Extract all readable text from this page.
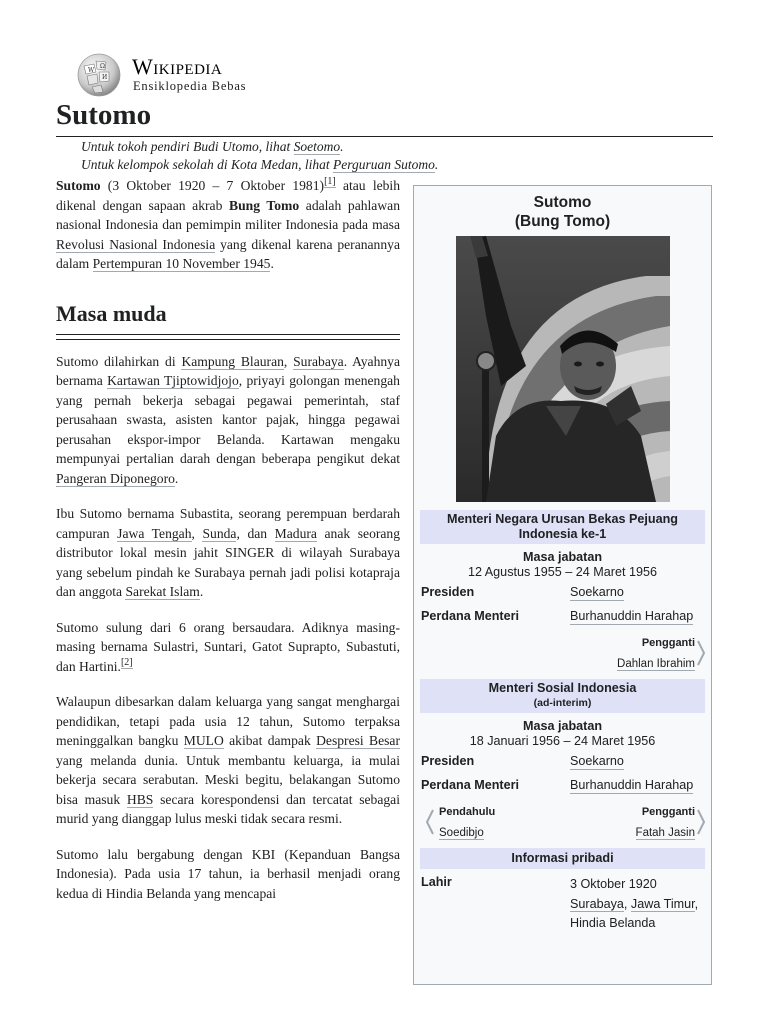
W
Ω
И Wikipedia
Ensiklopedia Bebas
Sutomo
Untuk tokoh pendiri Budi Utomo, lihat Soetomo.
Untuk kelompok sekolah di Kota Medan, lihat Perguruan Sutomo.

Sutomo (3 Oktober 1920 – 7 Oktober 1981)[1] atau lebih dikenal dengan sapaan akrab Bung Tomo adalah pahlawan nasional Indonesia dan pemimpin militer Indonesia pada masa Revolusi Nasional Indonesia yang dikenal karena peranannya dalam Pertempuran 10 November 1945.

Masa muda

Sutomo dilahirkan di Kampung Blauran, Surabaya. Ayahnya bernama Kartawan Tjiptowidjojo, priyayi golongan menengah yang pernah bekerja sebagai pegawai pemerintah, staf perusahaan swasta, asisten kantor pajak, hingga pegawai perusahan ekspor-impor Belanda. Kartawan mengaku mempunyai pertalian darah dengan beberapa pengikut dekat Pangeran Diponegoro.

Ibu Sutomo bernama Subastita, seorang perempuan berdarah campuran Jawa Tengah, Sunda, dan Madura anak seorang distributor lokal mesin jahit SINGER di wilayah Surabaya yang sebelum pindah ke Surabaya pernah jadi polisi kotapraja dan anggota Sarekat Islam.

Sutomo sulung dari 6 orang bersaudara. Adiknya masing-masing bernama Sulastri, Suntari, Gatot Suprapto, Subastuti, dan Hartini.[2]

Walaupun dibesarkan dalam keluarga yang sangat menghargai pendidikan, tetapi pada usia 12 tahun, Sutomo terpaksa meninggalkan bangku MULO akibat dampak Despresi Besar yang melanda dunia. Untuk membantu keluarga, ia mulai bekerja secara serabutan. Meski begitu, belakangan Sutomo bisa masuk HBS secara korespondensi dan tercatat sebagai murid yang dianggap lulus meski tidak secara resmi.

Sutomo lalu bergabung dengan KBI (Kepanduan Bangsa Indonesia). Pada usia 17 tahun, ia berhasil menjadi orang kedua di Hindia Belanda yang mencapai

Sutomo
(Bung Tomo)
Menteri Negara Urusan Bekas Pejuang Indonesia ke-1
Masa jabatan
12 Agustus 1955 – 24 Maret 1956
Presiden	Soekarno
Perdana Menteri	Burhanuddin Harahap
Pengganti
Dahlan Ibrahim
Menteri Sosial Indonesia
(ad-interim)
Masa jabatan
18 Januari 1956 – 24 Maret 1956
Presiden	Soekarno
Perdana Menteri	Burhanuddin Harahap
Pendahulu
Soedibjo
Pengganti
Fatah Jasin
Informasi pribadi
Lahir	3 Oktober 1920
Surabaya, Jawa Timur, Hindia Belanda
